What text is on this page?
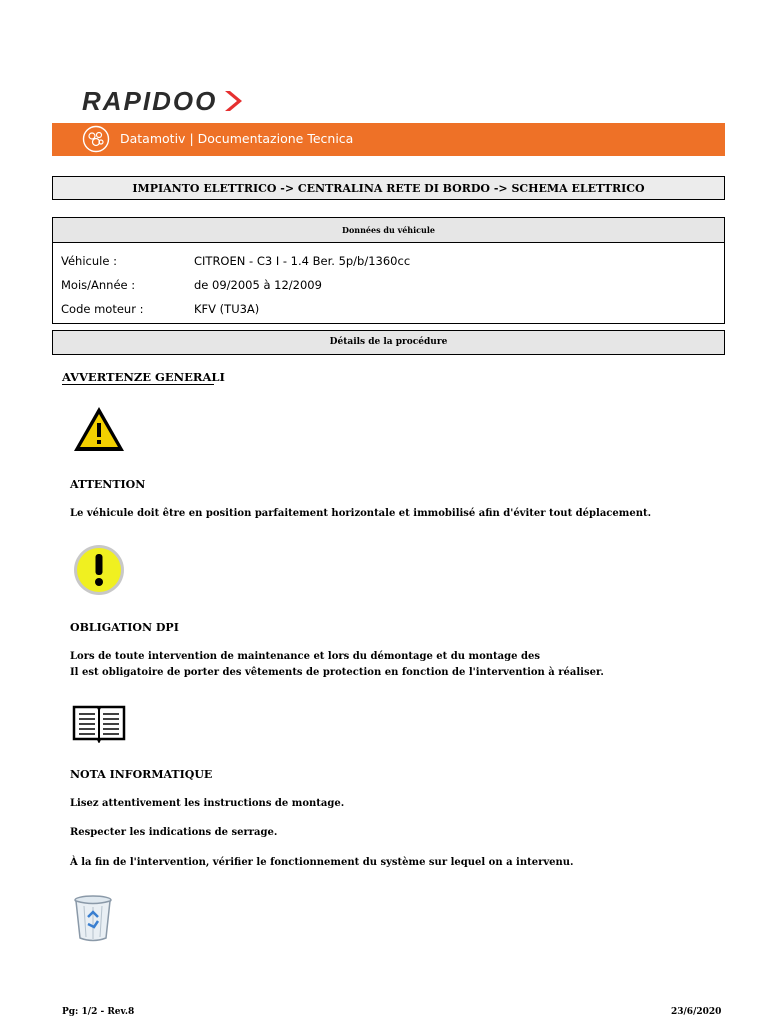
RAPIDOO
Datamotiv | Documentazione Tecnica
IMPIANTO ELETTRICO -> CENTRALINA RETE DI BORDO -> SCHEMA ELETTRICO
Données du véhicule
Véhicule :	CITROEN - C3 I - 1.4 Ber. 5p/b/1360cc
Mois/Année :	de 09/2005 à 12/2009
Code moteur :	KFV (TU3A)
Détails de la procédure
AVVERTENZE GENERALI
ATTENTION
Le véhicule doit être en position parfaitement horizontale et immobilisé afin d'éviter tout déplacement.
OBLIGATION DPI
Lors de toute intervention de maintenance et lors du démontage et du montage des
Il est obligatoire de porter des vêtements de protection en fonction de l'intervention à réaliser.
NOTA INFORMATIQUE
Lisez attentivement les instructions de montage.
Respecter les indications de serrage.
À la fin de l'intervention, vérifier le fonctionnement du système sur lequel on a intervenu.
Pg: 1/2 - Rev.8	23/6/2020
